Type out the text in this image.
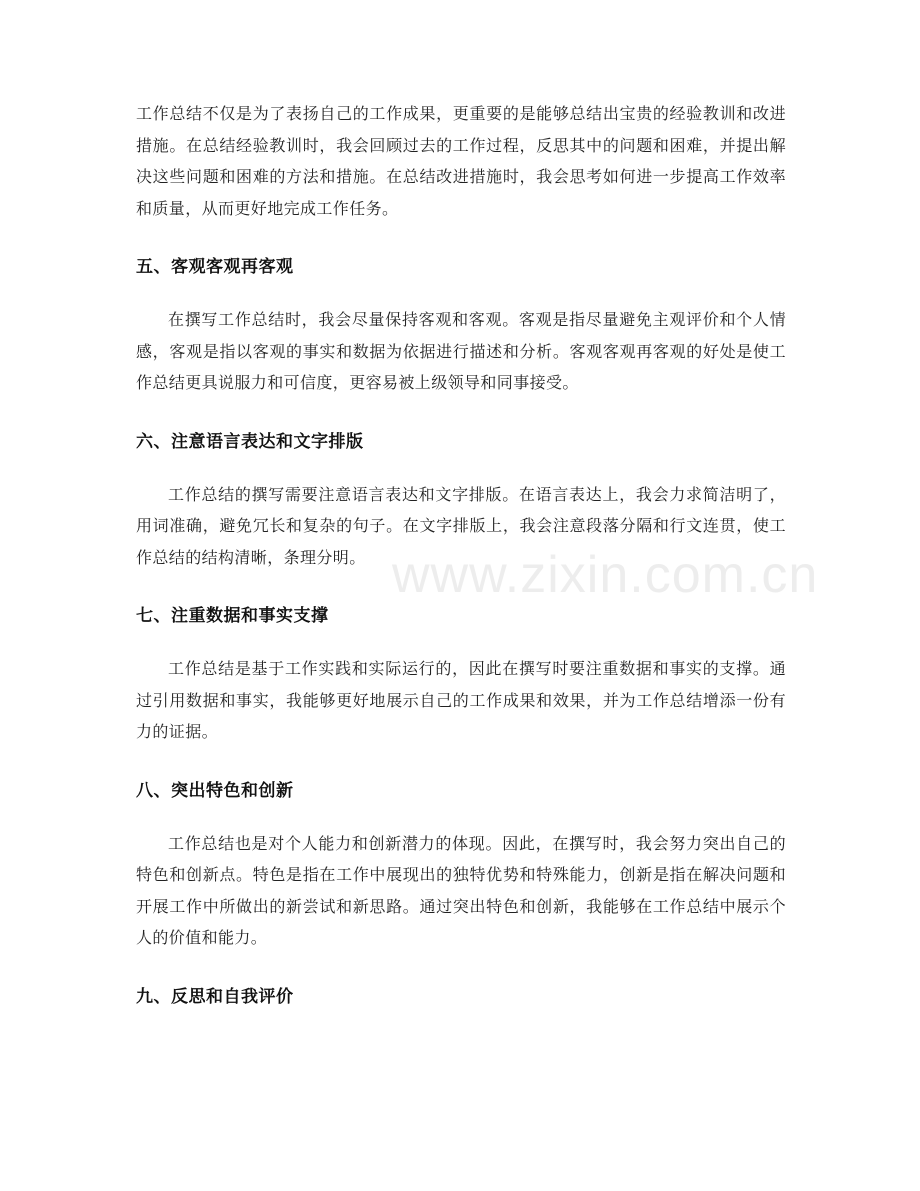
工作总结不仅是为了表扬自己的工作成果，更重要的是能够总结出宝贵的经验教训和改进措施。在总结经验教训时，我会回顾过去的工作过程，反思其中的问题和困难，并提出解决这些问题和困难的方法和措施。在总结改进措施时，我会思考如何进一步提高工作效率和质量，从而更好地完成工作任务。

五、客观客观再客观

在撰写工作总结时，我会尽量保持客观和客观。客观是指尽量避免主观评价和个人情感，客观是指以客观的事实和数据为依据进行描述和分析。客观客观再客观的好处是使工作总结更具说服力和可信度，更容易被上级领导和同事接受。

六、注意语言表达和文字排版

工作总结的撰写需要注意语言表达和文字排版。在语言表达上，我会力求简洁明了，用词准确，避免冗长和复杂的句子。在文字排版上，我会注意段落分隔和行文连贯，使工作总结的结构清晰，条理分明。

七、注重数据和事实支撑

工作总结是基于工作实践和实际运行的，因此在撰写时要注重数据和事实的支撑。通过引用数据和事实，我能够更好地展示自己的工作成果和效果，并为工作总结增添一份有力的证据。

八、突出特色和创新

工作总结也是对个人能力和创新潜力的体现。因此，在撰写时，我会努力突出自己的特色和创新点。特色是指在工作中展现出的独特优势和特殊能力，创新是指在解决问题和开展工作中所做出的新尝试和新思路。通过突出特色和创新，我能够在工作总结中展示个人的价值和能力。

九、反思和自我评价
www.zixin.com.cn
